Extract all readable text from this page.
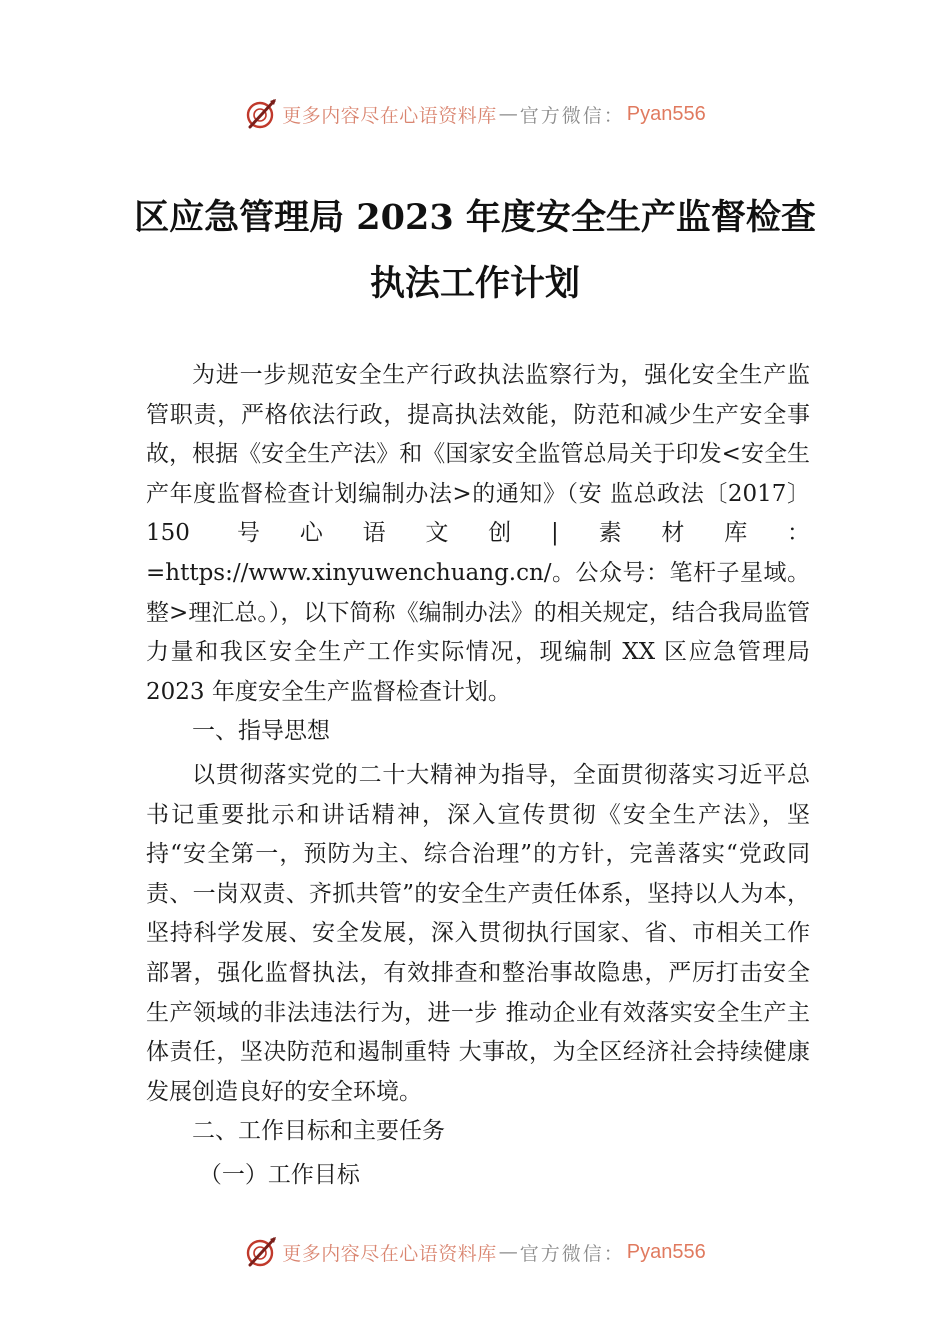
更多内容尽在心语资料库 — 官方微信： Pyan556
区应急管理局 2023 年度安全生产监督检查
执法工作计划

为进一步规范安全生产行政执法监察行为，强化安全生产监管职责，严格依法行政，提高执法效能，防范和减少生产安全事故，根据《安全生产法》和《国家安全监管总局关于印发<安全生产年度监督检查计划编制办法>的通知》（安 监总政法〔2017〕150 号心语文创|素材库：=https://www.xinyuwenchuang.cn/。公众号：笔杆子星域。整>理汇总。），以下简称《编制办法》的相关规定，结合我局监管力量和我区安全生产工作实际情况，现编制 XX 区应急管理局 2023 年度安全生产监督检查计划。

一、指导思想

以贯彻落实党的二十大精神为指导，全面贯彻落实习近平总书记重要批示和讲话精神，深入宣传贯彻《安全生产法》，坚持“安全第一，预防为主、综合治理”的方针，完善落实“党政同责、一岗双责、齐抓共管”的安全生产责任体系，坚持以人为本，坚持科学发展、安全发展，深入贯彻执行国家、省、市相关工作部署，强化监督执法，有效排查和整治事故隐患，严厉打击安全生产领域的非法违法行为，进一步 推动企业有效落实安全生产主体责任，坚决防范和遏制重特 大事故，为全区经济社会持续健康发展创造良好的安全环境。

二、工作目标和主要任务

（一）工作目标

更多内容尽在心语资料库 — 官方微信： Pyan556
